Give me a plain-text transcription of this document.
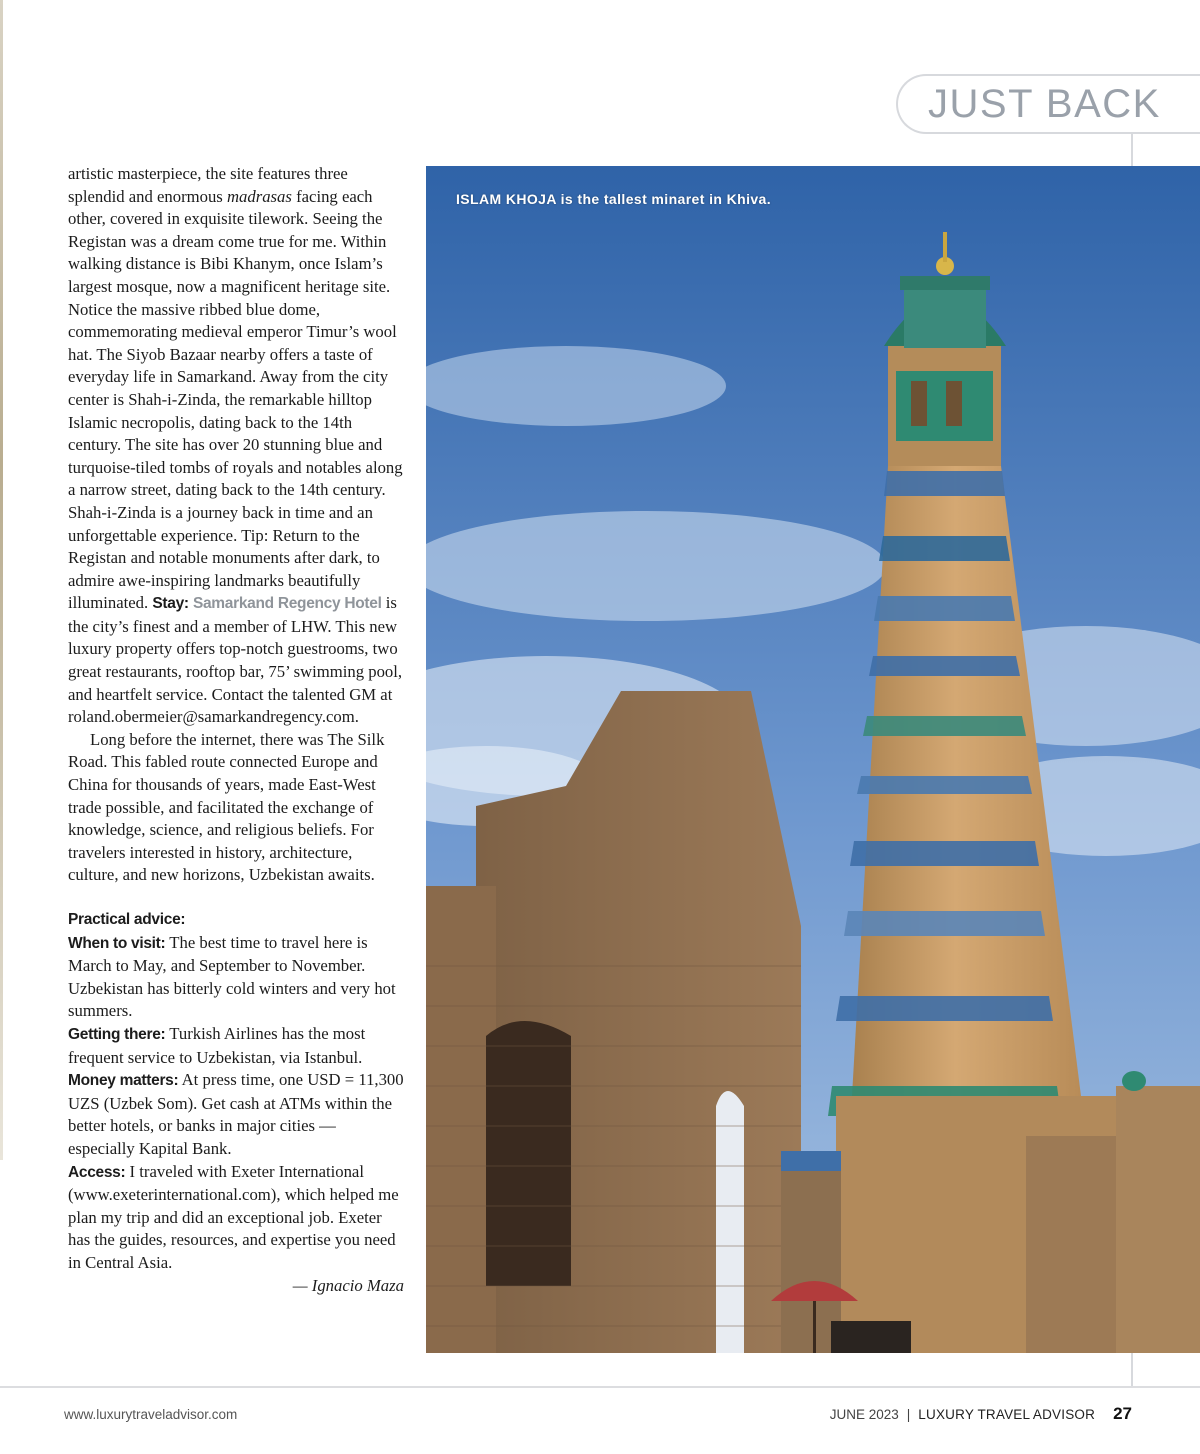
JUST BACK

artistic masterpiece, the site features three splendid and enormous madrasas facing each other, covered in exquisite tilework. Seeing the Registan was a dream come true for me. Within walking distance is Bibi Khanym, once Islam’s largest mosque, now a magnificent heritage site. Notice the massive ribbed blue dome, commemorating medieval emperor Timur’s wool hat. The Siyob Bazaar nearby offers a taste of everyday life in Samarkand. Away from the city center is Shah-i-Zinda, the remarkable hilltop Islamic necropolis, dating back to the 14th century. The site has over 20 stunning blue and turquoise-tiled tombs of royals and notables along a narrow street, dating back to the 14th century. Shah-i-Zinda is a journey back in time and an unforgettable experience. Tip: Return to the Registan and notable monuments after dark, to admire awe-inspiring landmarks beautifully illuminated. Stay: Samarkand Regency Hotel is the city’s finest and a member of LHW. This new luxury property offers top-notch guestrooms, two great restaurants, rooftop bar, 75’ swimming pool, and heartfelt service. Contact the talented GM at roland.obermeier@samarkandregency.com.

Long before the internet, there was The Silk Road. This fabled route connected Europe and China for thousands of years, made East-West trade possible, and facilitated the exchange of knowledge, science, and religious beliefs. For travelers interested in history, architecture, culture, and new horizons, Uzbekistan awaits.

Practical advice:

When to visit: The best time to travel here is March to May, and September to November. Uzbekistan has bitterly cold winters and very hot summers.

Getting there: Turkish Airlines has the most frequent service to Uzbekistan, via Istanbul.

Money matters: At press time, one USD = 11,300 UZS (Uzbek Som). Get cash at ATMs within the better hotels, or banks in major cities — especially Kapital Bank.

Access: I traveled with Exeter International (www.exeterinternational.com), which helped me plan my trip and did an exceptional job. Exeter has the guides, resources, and expertise you need in Central Asia.

— Ignacio Maza

ISLAM KHOJA is the tallest minaret in Khiva.
www.luxurytraveladvisor.com	JUNE 2023 | LUXURY TRAVEL ADVISOR 27
